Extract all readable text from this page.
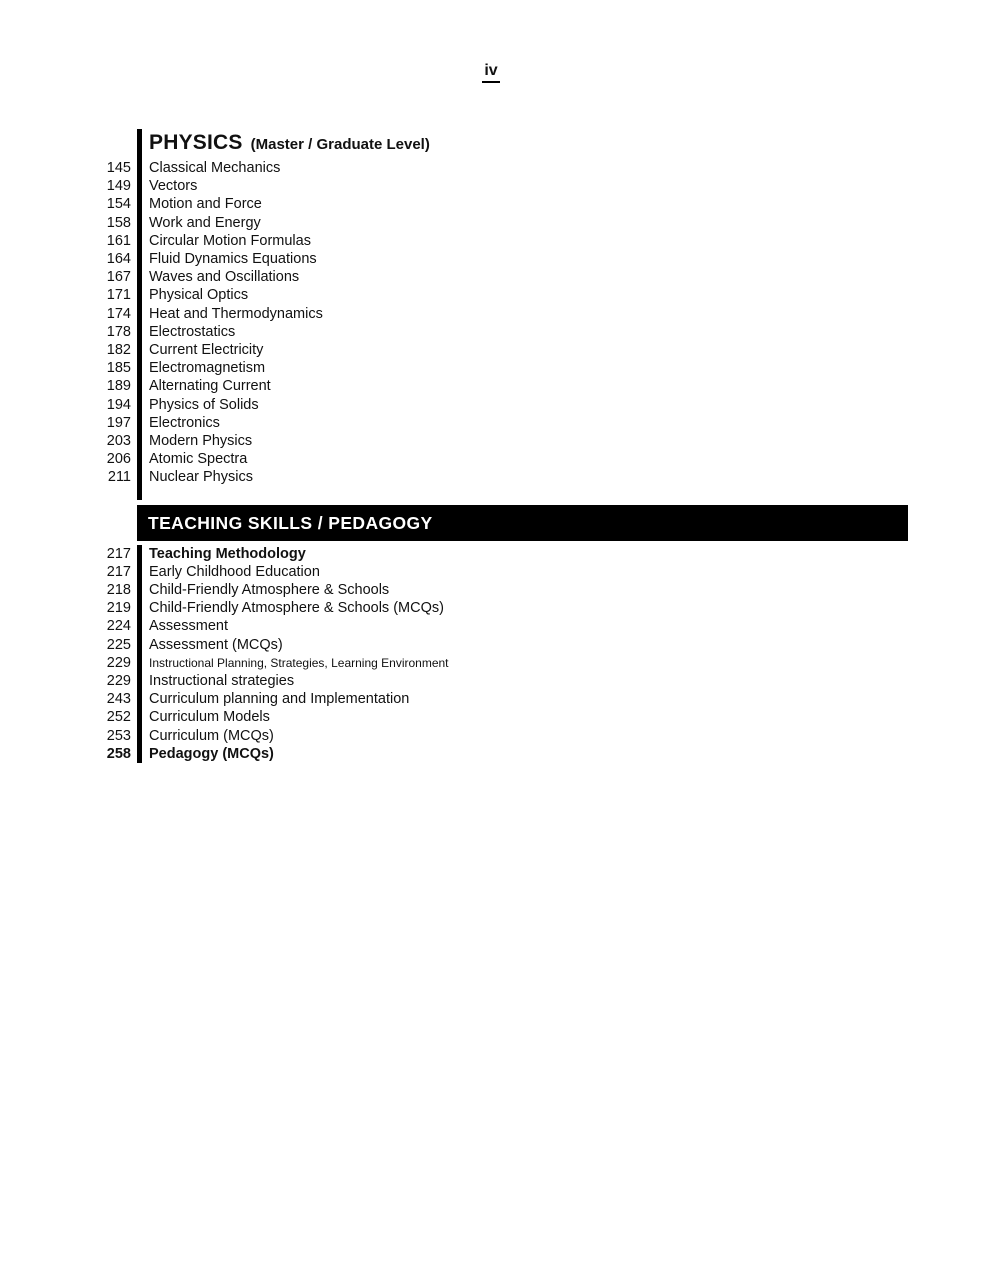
iv
PHYSICS (Master / Graduate Level)
145	Classical Mechanics
149	Vectors
154	Motion and Force
158	Work and Energy
161	Circular Motion Formulas
164	Fluid Dynamics Equations
167	Waves and Oscillations
171	Physical Optics
174	Heat and Thermodynamics
178	Electrostatics
182	Current Electricity
185	Electromagnetism
189	Alternating Current
194	Physics of Solids
197	Electronics
203	Modern Physics
206	Atomic Spectra
211	Nuclear Physics
TEACHING SKILLS / PEDAGOGY
217	Teaching Methodology
217	Early Childhood Education
218	Child-Friendly Atmosphere & Schools
219	Child-Friendly Atmosphere & Schools (MCQs)
224	Assessment
225	Assessment (MCQs)
229	Instructional Planning, Strategies, Learning Environment
229	Instructional strategies
243	Curriculum planning and Implementation
252	Curriculum Models
253	Curriculum (MCQs)
258	Pedagogy (MCQs)
